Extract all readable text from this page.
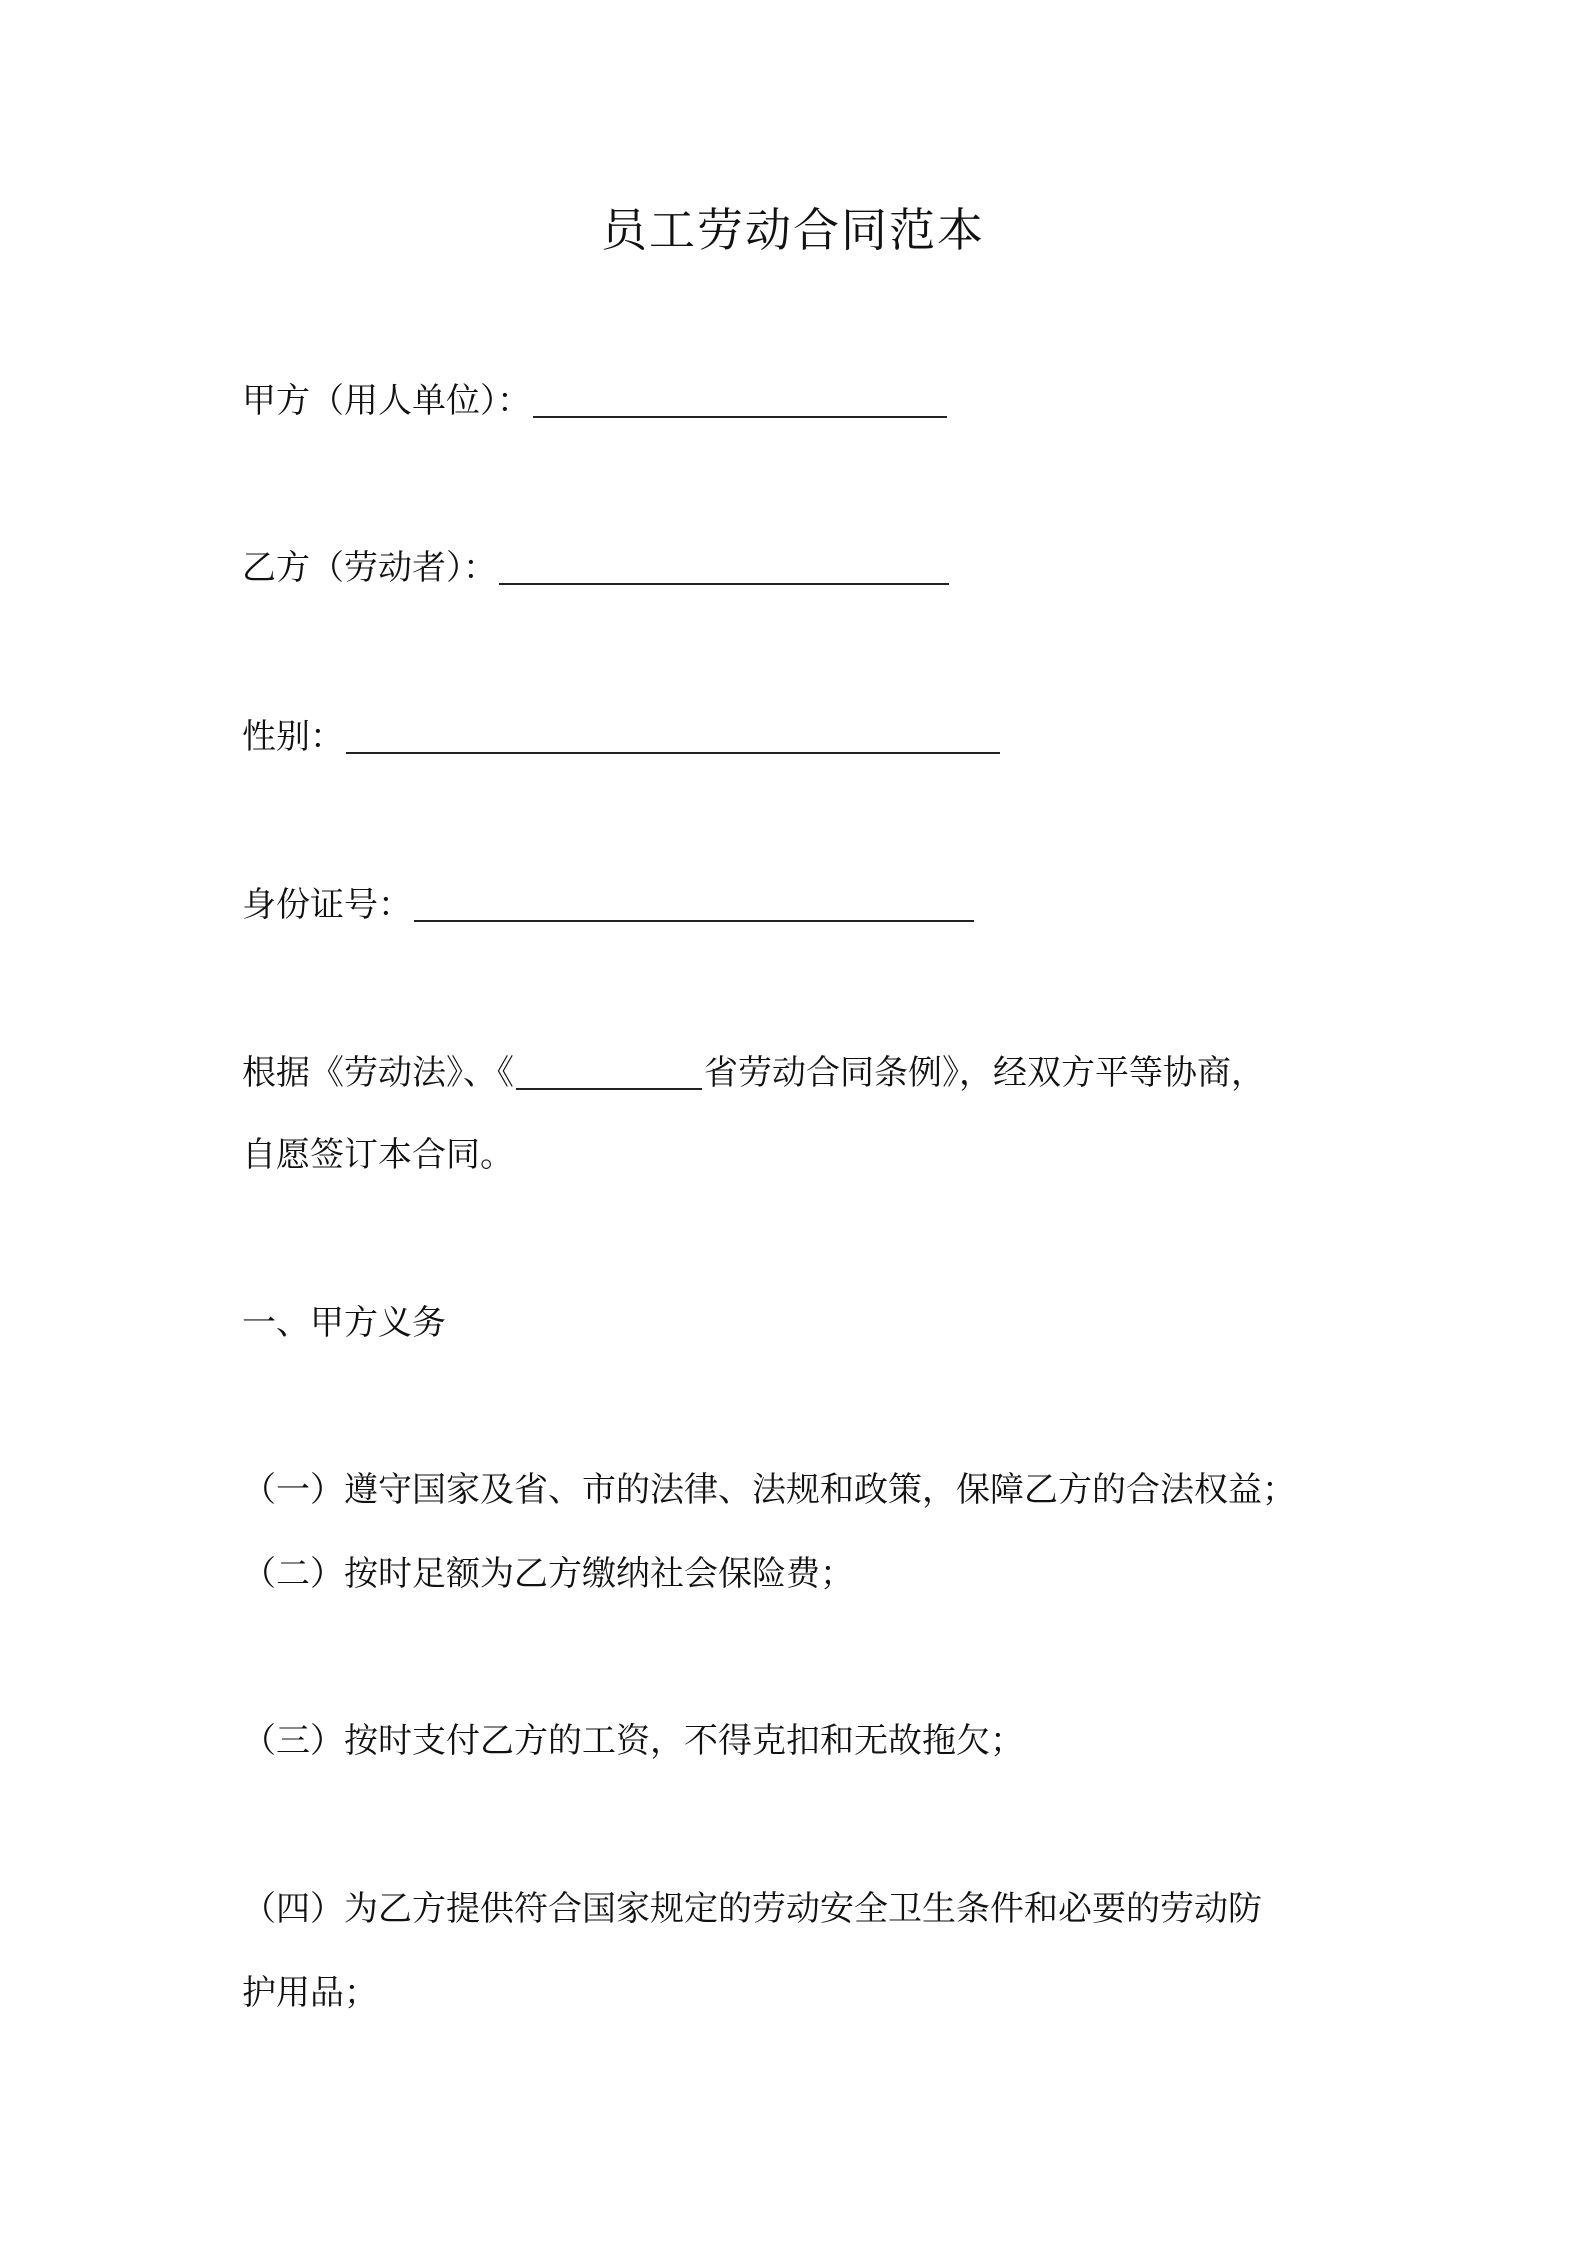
员工劳动合同范本
甲方（用人单位）：
乙方（劳动者）：
性别：
身份证号：
根据《劳动法》、《	省劳动合同条例》，经双方平等协商，
自愿签订本合同。
一、甲方义务
（一）遵守国家及省、市的法律、法规和政策，保障乙方的合法权益；
（二）按时足额为乙方缴纳社会保险费；
（三）按时支付乙方的工资，不得克扣和无故拖欠；
（四）为乙方提供符合国家规定的劳动安全卫生条件和必要的劳动防
护用品；
